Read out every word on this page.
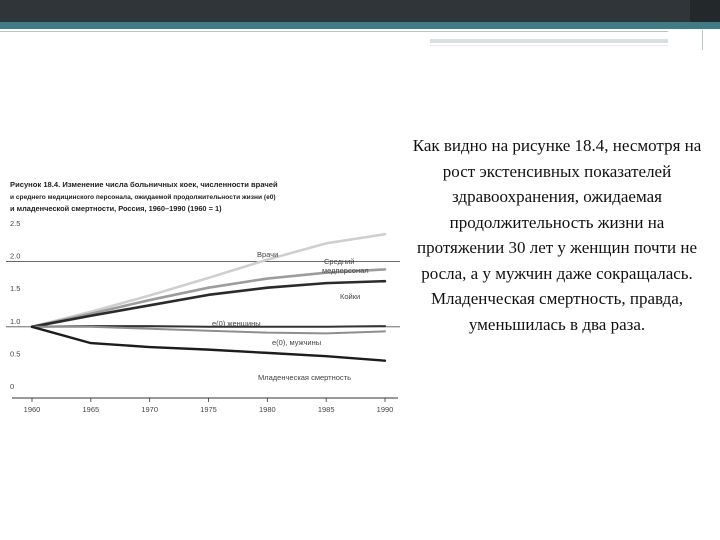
Рисунок 18.4. Изменение числа больничных коек, численности врачей
и среднего медицинского персонала, ожидаемой продолжительности жизни (e0)
и младенческой смертности, Россия, 1960–1990 (1960 = 1)
0
0.5
1.0
1.5
2.0
2.5
1960	1965	1970	1975	1980	1985	1990
Врачи
Средний
медперсонал
Койки
e(0) женщины
e(0), мужчины
Младенческая смертность

Как видно на рисунке 18.4, несмотря на рост экстенсивных показателей здравоохранения, ожидаемая продолжительность жизни на протяжении 30 лет у женщин почти не росла, а у мужчин даже сокращалась. Младенческая смертность, правда, уменьшилась в два раза.
